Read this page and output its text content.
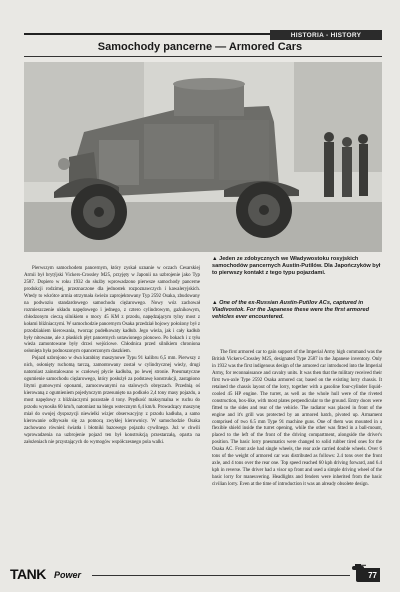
HISTORIA - HISTORY
Samochody pancerne — Armored Cars
▲ Jeden ze zdobycznych we Władywostoku rosyjskich samochodów pancernych Austin-Putilów. Dla Japończyków był to pierwszy kontakt z tego typu pojazdami.
▲ One of the ex-Russian Austin-Putilov ACs, captured in Vladivostok. For the Japanese these were the first armored vehicles ever encountered.

Pierwszym samochodem pancernym, który zyskał uznanie w oczach Cesarskiej Armii był brytýjski Vickers-Crossley M25, przyjęty w Japonii na uzbrojenie jako Typ 2587. Dopiero w roku 1932 do służby wprowadzono pierwsze samochody pancerne produkcji rodzimej, przeznaczone dla jednostek rozpoznawczych i kawaleryjskich. Wtedy to wkrótce armia otrzymała świeżo zaprojektowany Typ 2592 Osaka, zbudowany na podwoziu standardowego samochodu ciężarowego. Nowy wóz zachował rozmieszczenie układu napędowego i jednego, z cztero cylindrowym, gaźnikowym, chłodzonym cieczą silnikiem o mocy 45 KM z przodu, napędzającym tylny most z kołami bliźniaczymi. W samochodzie pancernym Osaka przedział bojowy położony był z przodziakiem kierowania, tworząc pudełkowaty kadłub. Jego wieża, jak i cały kadłub były nitowane, ale z płaskich płyt pancernych ustawionego pionowo. Po bokach i z tyłu wieża zamontowane były drzwi wejściowe. Chłodnica przed silnikiem chroniona osłonięta była podnoszonym opancerzonym daszkiem.

Pojazd uzbrojono w dwa karabiny maszynowe Typu 91 kalibru 6,5 mm. Pierwszy z nich, osłonięty ruchomą tarczą, zamontowany został w cylindrycznej wieży, drugi natomiast zainstalowano w czołowej płycie kadłuba, po lewej stronie. Pneumatyczne ogumienie samochodu ciężarowego, który posłużył za podstawę konstrukcji, zastąpiono litymi gumowymi oponami, zamocowanymi na stalowych obręczach. Przednią oś kierowaną z ogumieniem pojedynczym przesunięto na podkoło 2,4 tony masy pojazdu, a most napędowy z bliźniaczymi pozostałe 4 tony. Prędkość maksymalna w ruchu do przodu wynosiła 60 km/h, natomiast na biegu wstecznym 6,4 km/h. Prowadzący maszynę miał do swojej dyspozycji niewielki wizjer obserwacyjny z przodu kadłuba, a samo kierowanie odbywało się za pomocą zwykłej kierownicy. W samochodzie Osaka zachowano również światła i błotniki bazowego pojazdu cywilnego. Już w chwili wprowadzenia na uzbrojenie pojazd ten był konstrukcją przestarzałą, oparta na założeniach nie przystających do wymogów współczesnego pola walki.

The first armored car to gain support of the Imperial Army high command was the British Vickers-Crossley M25, designated Type 2587 in the Japanese inventory. Only in 1932 was the first indigenous design of the armored car introduced into the Imperial Army, for reconnaissance and cavalry units. It was then that the military received their first two-axle Type 2592 Osaka armored car, based on the existing lorry chassis. It retained the chassis layout of the lorry, together with a gasoline four-cylinder liquid-cooled 45 HP engine. The turret, as well as the whole hull were of the riveted construction, box-like, with most plates perpendicular to the ground. Entry doors were fitted to the sides and rear of the vehicle. The radiator was placed in front of the engine and it's grill was protected by an armored hatch, pivoted up. Armament comprised of two 6.5 mm Type 91 machine guns. One of them was mounted in a flexible shield inside the turret opening, while the other was fitted in a ball-mount, placed to the left of the front of the driving compartment, alongside the driver's position. The basic lorry pneumatics were changed to solid rubber tired ones for the Osaka AC. Front axle had single wheels, the rear axle carried double wheels. Over 6 tons of the weight of armored car was distributed as follows: 2.4 tons over the front axle, and 4 tons over the rear one. Top speed reached 60 kph driving forward, and 6.4 kph in reverse. The driver had a visor up front and used a simple driving wheel of the basic lorry for maneuvering. Headlights and fenders were inherited from the basic civilian lorry. Even at the time of introduction it was an already obsolete design.

TANK Power	77
